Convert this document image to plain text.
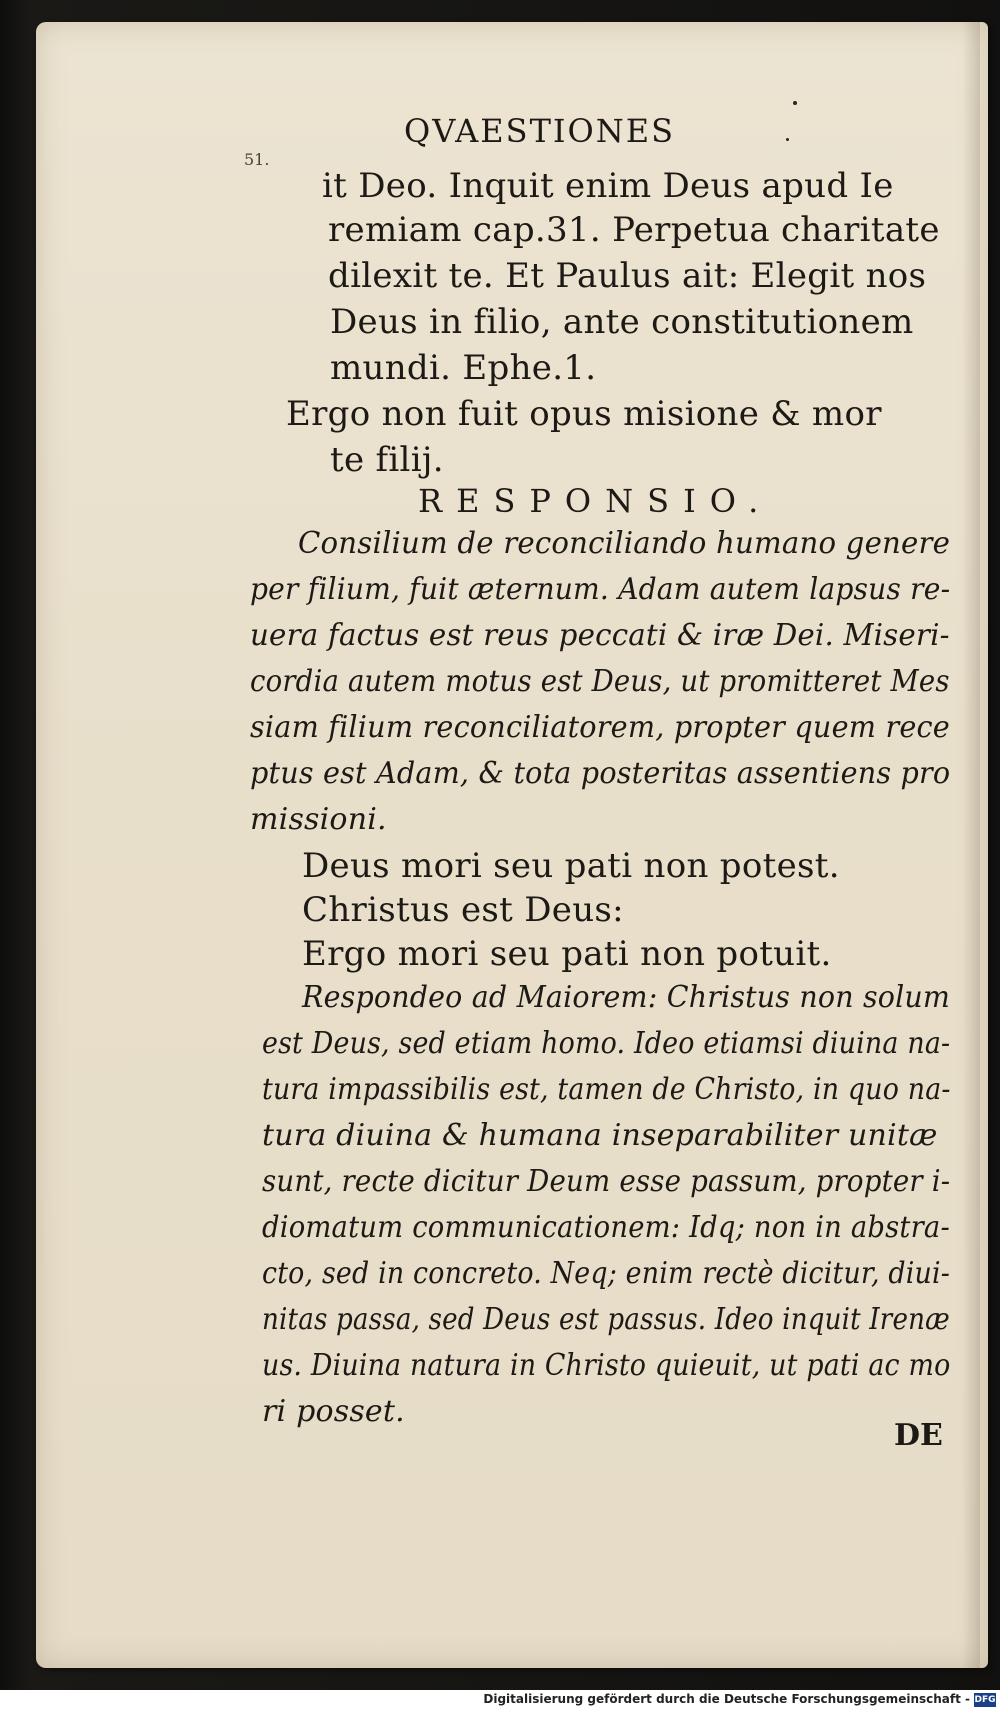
51.
QVAESTIONES
it Deo. Inquit enim Deus apud Ie
remiam cap.31. Perpetua charitate
dilexit te. Et Paulus ait: Elegit nos
Deus in filio, ante constitutionem
mundi. Ephe.1.
Ergo non fuit opus misione & mor
te filij.
RESPONSIO.
Consilium de reconciliando humano genere
per filium, fuit æternum. Adam autem lapsus re-
uera factus est reus peccati & iræ Dei. Miseri-
cordia autem motus est Deus, ut promitteret Mes
siam filium reconciliatorem, propter quem rece
ptus est Adam, & tota posteritas assentiens pro
missioni.
Deus mori seu pati non potest.
Christus est Deus:
Ergo mori seu pati non potuit.
Respondeo ad Maiorem: Christus non solum
est Deus, sed etiam homo. Ideo etiamsi diuina na-
tura impassibilis est, tamen de Christo, in quo na-
tura diuina & humana inseparabiliter unitæ
sunt, recte dicitur Deum esse passum, propter i-
diomatum communicationem: Idq; non in abstra-
cto, sed in concreto. Neq; enim rectè dicitur, diui-
nitas passa, sed Deus est passus. Ideo inquit Irenæ
us. Diuina natura in Christo quieuit, ut pati ac mo
ri posset.
DE
Digitalisierung gefördert durch die Deutsche Forschungsgemeinschaft - DFG
